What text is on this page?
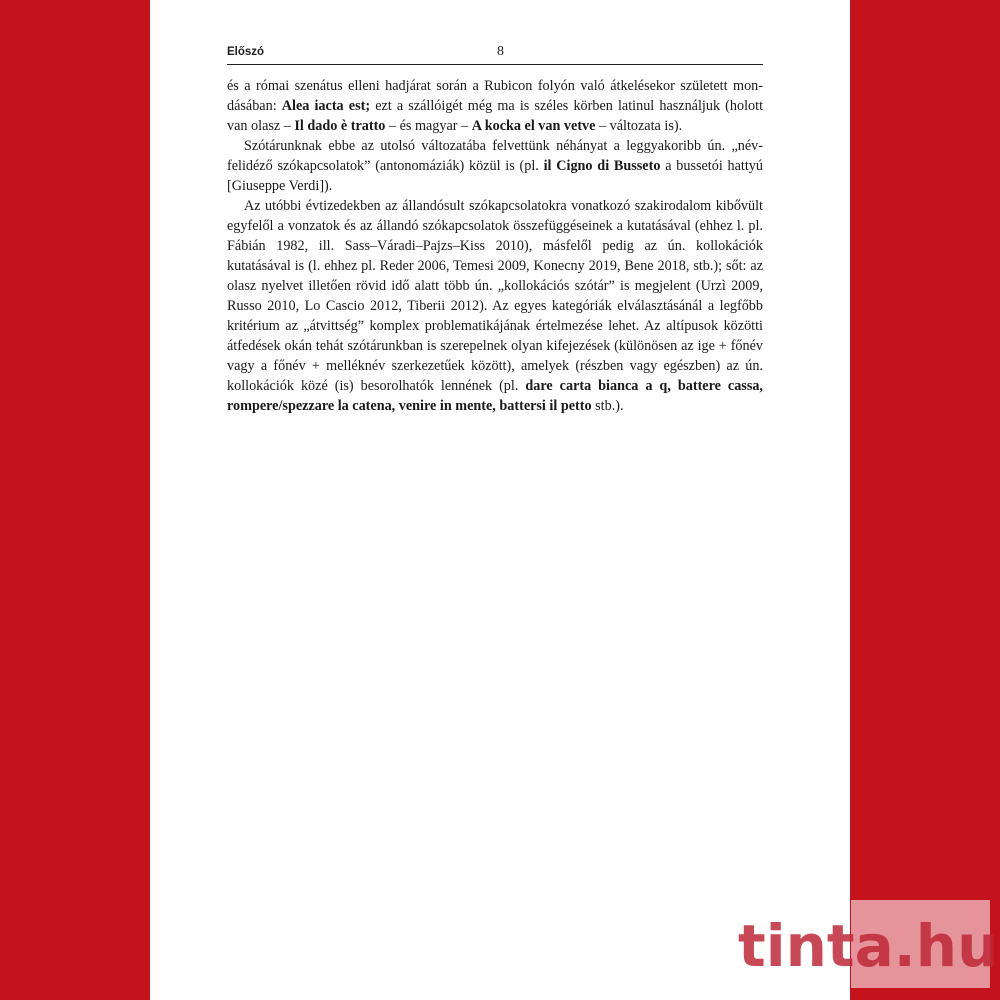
Előszó	8

és a római szenátus elleni hadjárat során a Rubicon folyón való átkelésekor született mondásában: Alea iacta est; ezt a szállóigét még ma is széles körben latinul használjuk (holott van olasz – Il dado è tratto – és magyar – A kocka el van vetve – változata is).

Szótárunknak ebbe az utolsó változatába felvettünk néhányat a leggyakoribb ún. „névfelidéző szókapcsolatok” (antonomáziák) közül is (pl. il Cigno di Busseto a bussetói hattyú [Giuseppe Verdi]).

Az utóbbi évtizedekben az állandósult szókapcsolatokra vonatkozó szakirodalom kibővült egyfelől a vonzatok és az állandó szókapcsolatok összefüggéseinek a kutatásával (ehhez l. pl. Fábián 1982, ill. Sass–Váradi–Pajzs–Kiss 2010), másfelől pedig az ún. kollokációk kutatásával is (l. ehhez pl. Reder 2006, Temesi 2009, Konecny 2019, Bene 2018, stb.); sőt: az olasz nyelvet illetően rövid idő alatt több ún. „kollokációs szótár” is megjelent (Urzì 2009, Russo 2010, Lo Cascio 2012, Tiberii 2012). Az egyes kategóriák elválasztásánál a legfőbb kritérium az „átvittség” komplex problematikájának értelmezése lehet. Az altípusok közötti átfedések okán tehát szótárunkban is szerepelnek olyan kifejezések (különösen az ige + főnév vagy a főnév + melléknév szerkezetűek között), amelyek (részben vagy egészben) az ún. kollokációk közé (is) besorolhatók lennének (pl. dare carta bianca a q, battere cassa, rompere/spezzare la catena, venire in mente, battersi il petto stb.).

tinta.hu
